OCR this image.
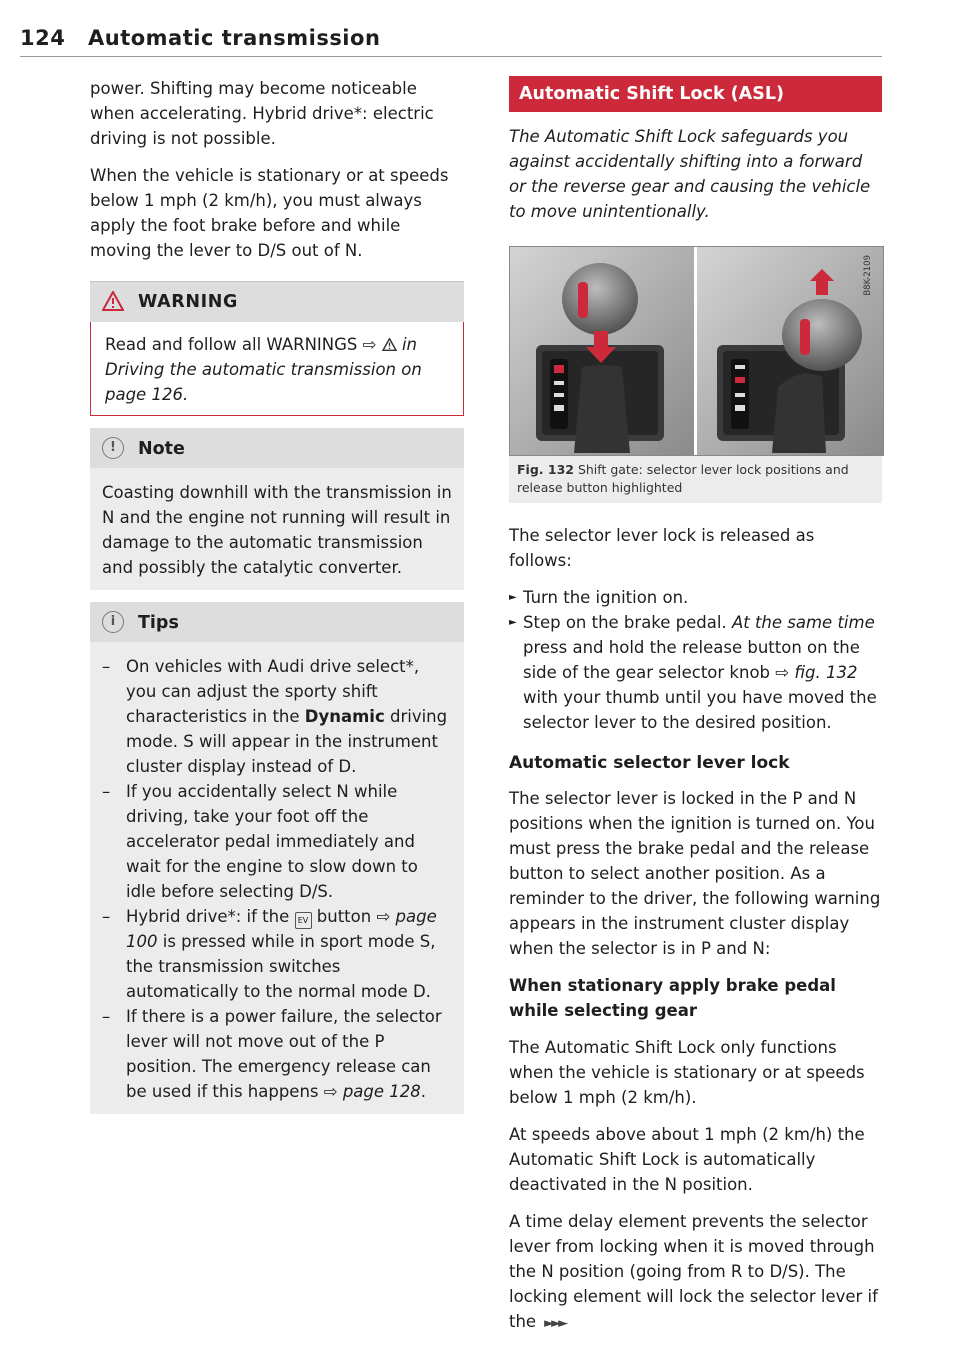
124 Automatic transmission

power. Shifting may become noticeable when accelerating. Hybrid drive*: electric driving is not possible.

When the vehicle is stationary or at speeds below 1 mph (2 km/h), you must always apply the foot brake before and while moving the lever to D/S out of N.

WARNING
Read and follow all WARNINGS ⇨  in Driving the automatic transmission on page 126.
!	Note

Coasting downhill with the transmission in N and the engine not running will result in damage to the automatic transmission and possibly the catalytic converter.

i	Tips
– On vehicles with Audi drive select*, you can adjust the sporty shift characteristics in the Dynamic driving mode. S will appear in the instrument cluster display instead of D.
– If you accidentally select N while driving, take your foot off the accelerator pedal immediately and wait for the engine to slow down to idle before selecting D/S.
– Hybrid drive*: if the EV button ⇨ page 100 is pressed while in sport mode S, the transmission switches automatically to the normal mode D.
– If there is a power failure, the selector lever will not move out of the P position. The emergency release can be used if this happens ⇨ page 128.
Automatic Shift Lock (ASL)

The Automatic Shift Lock safeguards you against accidentally shifting into a forward or the reverse gear and causing the vehicle to move unintentionally.

B8K-2109
Fig. 132 Shift gate: selector lever lock positions and release button highlighted

The selector lever lock is released as follows:

► Turn the ignition on.
► Step on the brake pedal. At the same time press and hold the release button on the side of the gear selector knob ⇨ fig. 132 with your thumb until you have moved the selector lever to the desired position.
Automatic selector lever lock

The selector lever is locked in the P and N positions when the ignition is turned on. You must press the brake pedal and the release button to select another position. As a reminder to the driver, the following warning appears in the instrument cluster display when the selector is in P and N:

When stationary apply brake pedal while selecting gear

The Automatic Shift Lock only functions when the vehicle is stationary or at speeds below 1 mph (2 km/h).

At speeds above about 1 mph (2 km/h) the Automatic Shift Lock is automatically deactivated in the N position.

A time delay element prevents the selector lever from locking when it is moved through the N position (going from R to D/S). The locking element will lock the selector lever if the ►►►
